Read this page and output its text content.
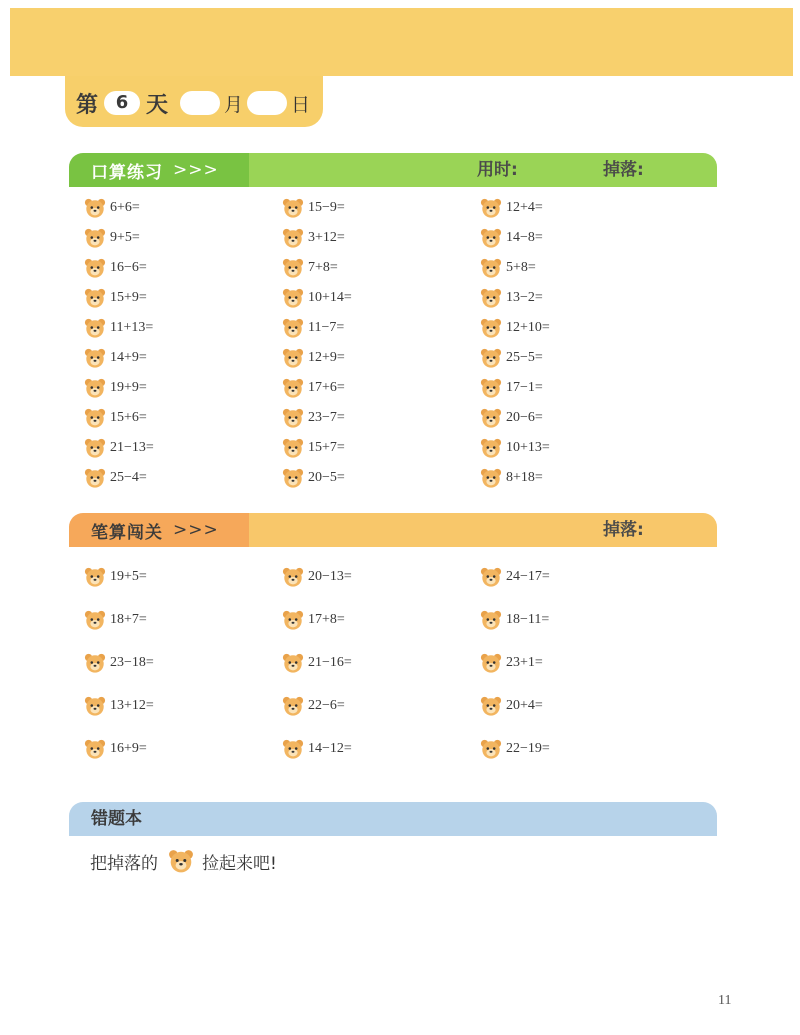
第 6 天	月	日
口算练习 >>>	用时:	掉落:
6+6=	15−9=	12+4=
9+5=	3+12=	14−8=
16−6=	7+8=	5+8=
15+9=	10+14=	13−2=
11+13=	11−7=	12+10=
14+9=	12+9=	25−5=
19+9=	17+6=	17−1=
15+6=	23−7=	20−6=
21−13=	15+7=	10+13=
25−4=	20−5=	8+18=
笔算闯关 >>>	掉落:
19+5=	20−13=	24−17=
18+7=	17+8=	18−11=
23−18=	21−16=	23+1=
13+12=	22−6=	20+4=
16+9=	14−12=	22−19=
错题本
把掉落的	捡起来吧!
11
